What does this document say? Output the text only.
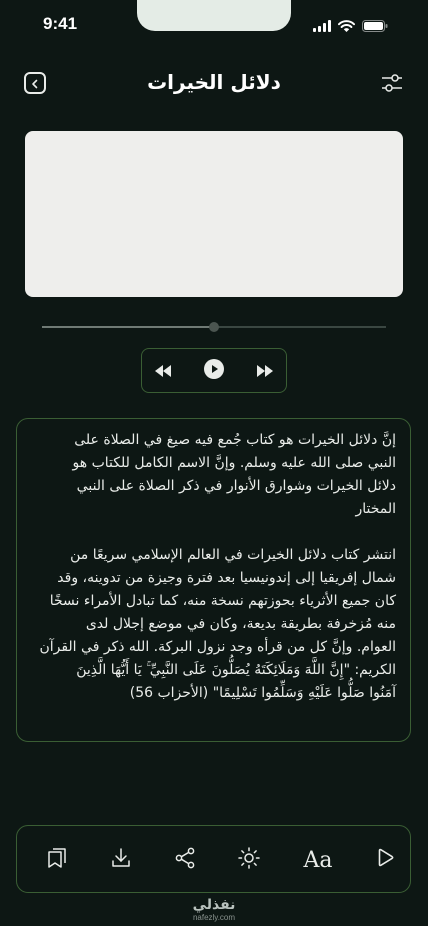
9:41
دلائل الخيرات

إنَّ دلائل الخيرات هو كتاب جُمع فيه صيغ في الصلاة على
النبي صلى الله عليه وسلم. وإنَّ الاسم الكامل للكتاب هو
دلائل الخيرات وشوارق الأنوار في ذكر الصلاة على النبي
المختار

انتشر كتاب دلائل الخيرات في العالم الإسلامي سريعًا من
شمال إفريقيا إلى إندونيسيا بعد فترة وجيزة من تدوينه، وقد
كان جميع الأثرياء بحوزتهم نسخة منه، كما تبادل الأمراء نسخًا
منه مُزخرفة بطريقة بديعة، وكان في موضع إجلال لدى
العوام. وإنَّ كل من قرأه وجد نزول البركة. الله ذكر في القرآن
الكريم: "إِنَّ اللَّهَ وَمَلَائِكَتَهُ يُصَلُّونَ عَلَى النَّبِيِّ ۚ يَا أَيُّهَا الَّذِينَ
آمَنُوا صَلُّوا عَلَيْهِ وَسَلِّمُوا تَسْلِيمًا" (الأحزاب 56)

Aa
نفذلي
nafezly.com
